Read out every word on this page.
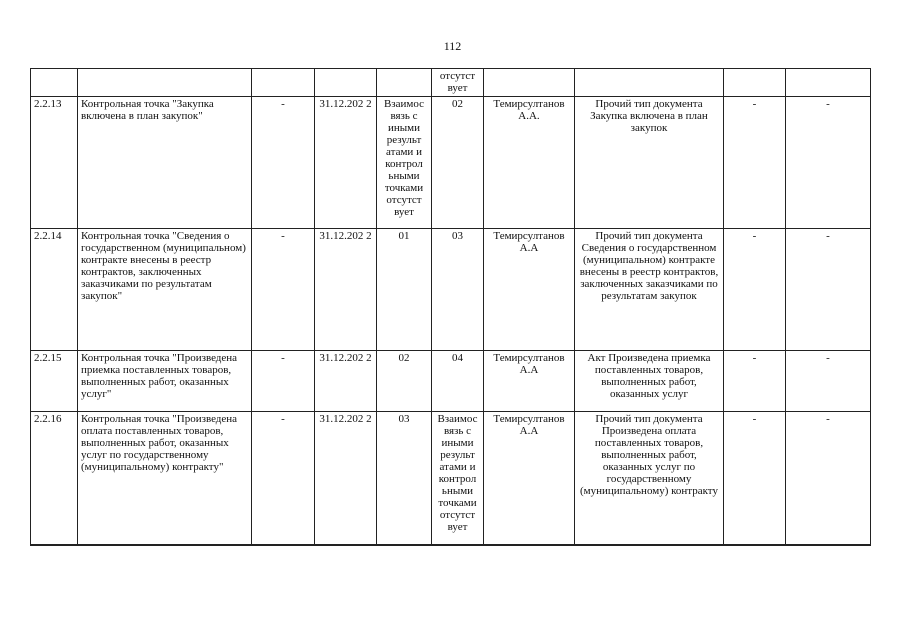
112
					отсутст вует				
2.2.13	Контрольная точка "Закупка включена в план закупок"	-	31.12.202 2	Взаимос вязь с иными результ атами и контрол ьными точками отсутст вует	02	Темирсултанов А.А.	Прочий тип документа Закупка включена в план закупок	-	-
2.2.14	Контрольная точка "Сведения о государственном (муниципальном) контракте внесены в реестр контрактов, заключенных заказчиками по результатам закупок"	-	31.12.202 2	01	03	Темирсултанов А.А	Прочий тип документа Сведения о государственном (муниципальном) контракте внесены в реестр контрактов, заключенных заказчиками по результатам закупок	-	-
2.2.15	Контрольная точка "Произведена приемка поставленных товаров, выполненных работ, оказанных услуг"	-	31.12.202 2	02	04	Темирсултанов А.А	Акт Произведена приемка поставленных товаров, выполненных работ, оказанных услуг	-	-
2.2.16	Контрольная точка "Произведена оплата поставленных товаров, выполненных работ, оказанных услуг по государственному (муниципальному) контракту"	-	31.12.202 2	03	Взаимос вязь с иными результ атами и контрол ьными точками отсутст вует	Темирсултанов А.А	Прочий тип документа Произведена оплата поставленных товаров, выполненных работ, оказанных услуг по государственному (муниципальному) контракту	-	-
